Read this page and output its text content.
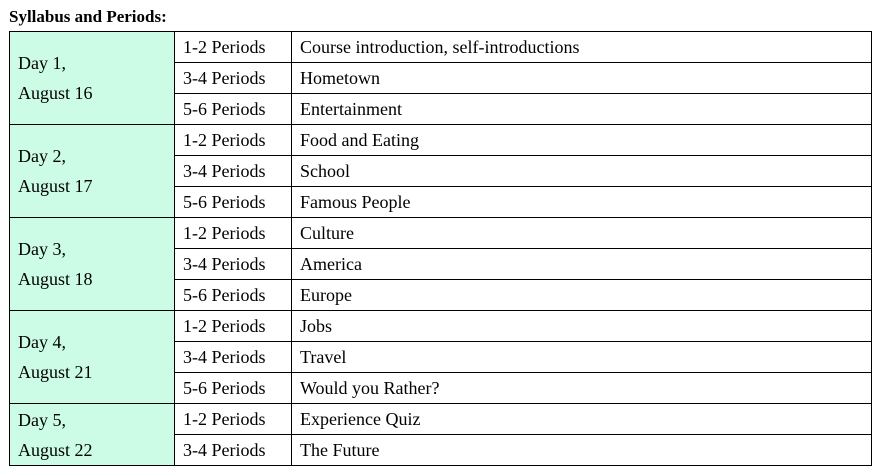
Syllabus and Periods:
Day 1,
August 16	1-2 Periods	Course introduction, self-introductions
	3-4 Periods	Hometown
	5-6 Periods	Entertainment

Day 2,
August 17	1-2 Periods	Food and Eating
	3-4 Periods	School
	5-6 Periods	Famous People

Day 3,
August 18	1-2 Periods	Culture
	3-4 Periods	America
	5-6 Periods	Europe

Day 4,
August 21	1-2 Periods	Jobs
	3-4 Periods	Travel
	5-6 Periods	Would you Rather?

Day 5,
August 22	1-2 Periods	Experience Quiz
	3-4 Periods	The Future
